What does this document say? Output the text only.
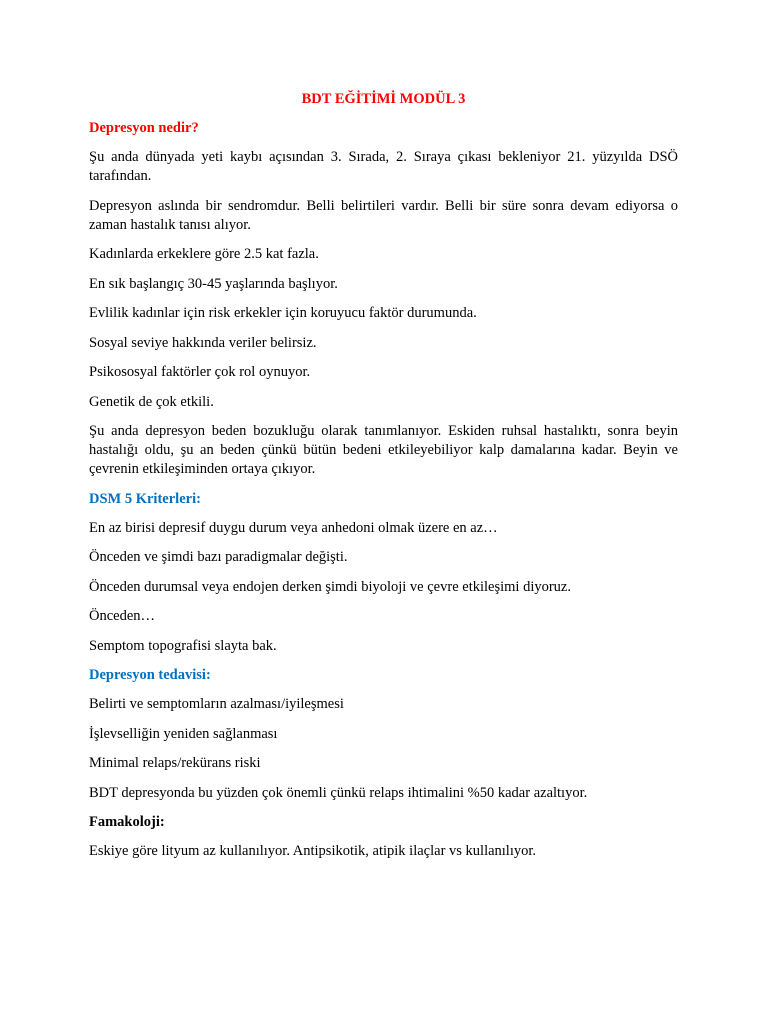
BDT EĞİTİMİ MODÜL 3
Depresyon nedir?

Şu anda dünyada yeti kaybı açısından 3. Sırada, 2. Sıraya çıkası bekleniyor 21. yüzyılda DSÖ tarafından.

Depresyon aslında bir sendromdur. Belli belirtileri vardır. Belli bir süre sonra devam ediyorsa o zaman hastalık tanısı alıyor.

Kadınlarda erkeklere göre 2.5 kat fazla.

En sık başlangıç 30-45 yaşlarında başlıyor.

Evlilik kadınlar için risk erkekler için koruyucu faktör durumunda.

Sosyal seviye hakkında veriler belirsiz.

Psikososyal faktörler çok rol oynuyor.

Genetik de çok etkili.

Şu anda depresyon beden bozukluğu olarak tanımlanıyor. Eskiden ruhsal hastalıktı, sonra beyin hastalığı oldu, şu an beden çünkü bütün bedeni etkileyebiliyor kalp damalarına kadar. Beyin ve çevrenin etkileşiminden ortaya çıkıyor.

DSM 5 Kriterleri:

En az birisi depresif duygu durum veya anhedoni olmak üzere en az…

Önceden ve şimdi bazı paradigmalar değişti.

Önceden durumsal veya endojen derken şimdi biyoloji ve çevre etkileşimi diyoruz.

Önceden…

Semptom topografisi slayta bak.

Depresyon tedavisi:

Belirti ve semptomların azalması/iyileşmesi

İşlevselliğin yeniden sağlanması

Minimal relaps/rekürans riski

BDT depresyonda bu yüzden çok önemli çünkü relaps ihtimalini %50 kadar azaltıyor.

Famakoloji:

Eskiye göre lityum az kullanılıyor. Antipsikotik, atipik ilaçlar vs kullanılıyor.
